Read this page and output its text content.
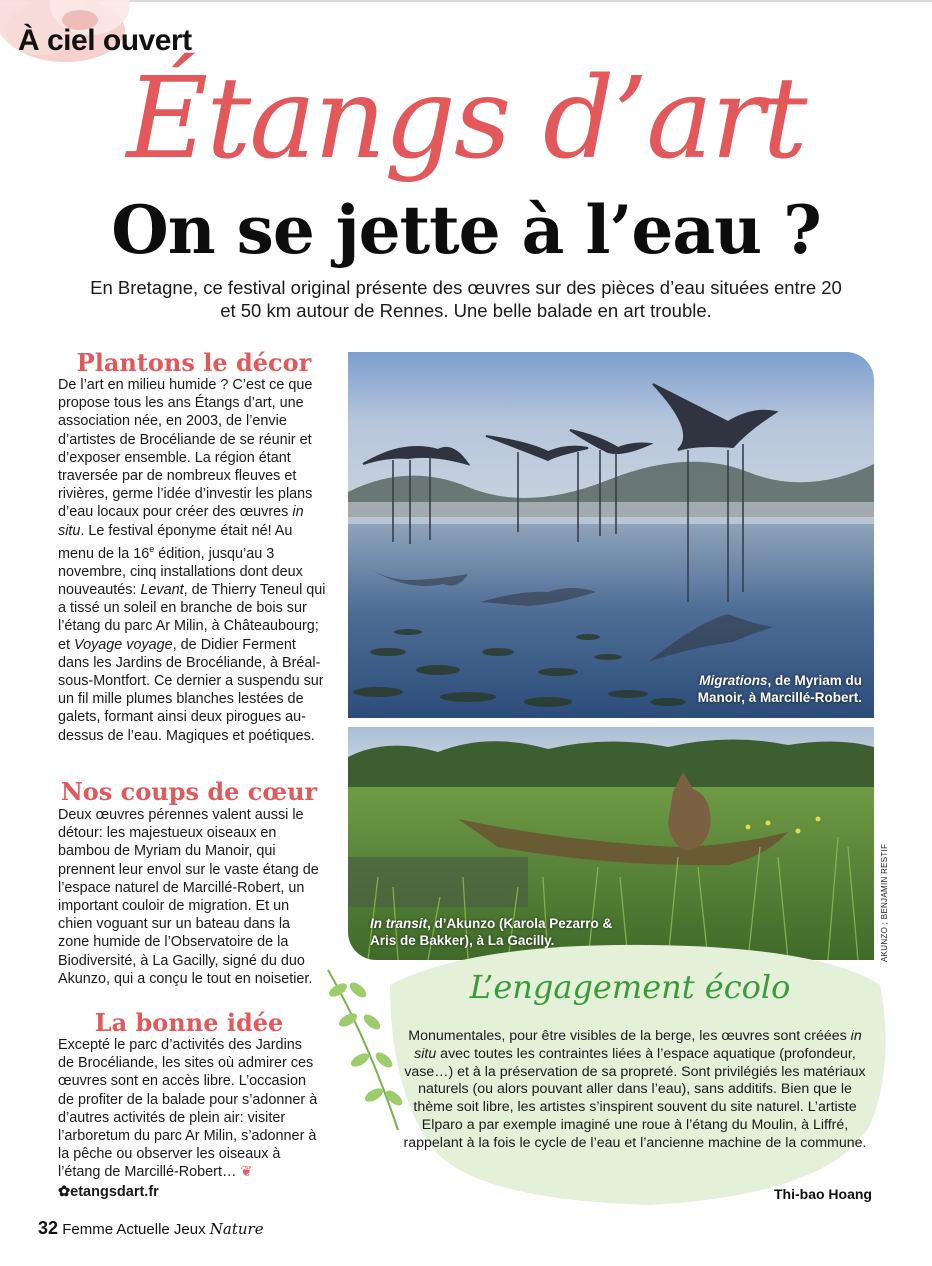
À ciel ouvert
Étangs d’art
On se jette à l’eau ?
En Bretagne, ce festival original présente des œuvres sur des pièces d’eau situées entre 20 et 50 km autour de Rennes. Une belle balade en art trouble.
Plantons le décor

De l’art en milieu humide ? C’est ce que propose tous les ans Étangs d’art, une association née, en 2003, de l’envie d’artistes de Brocéliande de se réunir et d’exposer ensemble. La région étant traversée par de nombreux fleuves et rivières, germe l’idée d’investir les plans d’eau locaux pour créer des œuvres in situ. Le festival éponyme était né! Au menu de la 16e édition, jusqu’au 3 novembre, cinq installations dont deux nouveautés: Levant, de Thierry Teneul qui a tissé un soleil en branche de bois sur l’étang du parc Ar Milin, à Châteaubourg; et Voyage voyage, de Didier Ferment dans les Jardins de Brocéliande, à Bréal-sous-Montfort. Ce dernier a suspendu sur un fil mille plumes blanches lestées de galets, formant ainsi deux pirogues au-dessus de l’eau. Magiques et poétiques.

Nos coups de cœur
Deux œuvres pérennes valent aussi le détour: les majestueux oiseaux en bambou de Myriam du Manoir, qui prennent leur envol sur le vaste étang de l’espace naturel de Marcillé-Robert, un important couloir de migration. Et un chien voguant sur un bateau dans la zone humide de l’Observatoire de la Biodiversité, à La Gacilly, signé du duo Akunzo, qui a conçu le tout en noisetier.
La bonne idée
Excepté le parc d’activités des Jardins de Brocéliande, les sites où admirer ces œuvres sont en accès libre. L’occasion de profiter de la balade pour s’adonner à d’autres activités de plein air: visiter l’arboretum du parc Ar Milin, s’adonner à la pêche ou observer les oiseaux à l’étang de Marcillé-Robert… ❦
✿etangsdart.fr
Migrations, de Myriam du Manoir, à Marcillé-Robert.
In transit, d’Akunzo (Karola Pezarro & Aris de Bakker), à La Gacilly.	AKUNZO ; BENJAMIN RESTIF
L’engagement écolo
Monumentales, pour être visibles de la berge, les œuvres sont créées in situ avec toutes les contraintes liées à l’espace aquatique (profondeur, vase…) et à la préservation de sa propreté. Sont privilégiés les matériaux naturels (ou alors pouvant aller dans l’eau), sans additifs. Bien que le thème soit libre, les artistes s’inspirent souvent du site naturel. L’artiste Elparo a par exemple imaginé une roue à l’étang du Moulin, à Liffré, rappelant à la fois le cycle de l’eau et l’ancienne machine de la commune.
Thi-bao Hoang
32 Femme Actuelle Jeux Nature
